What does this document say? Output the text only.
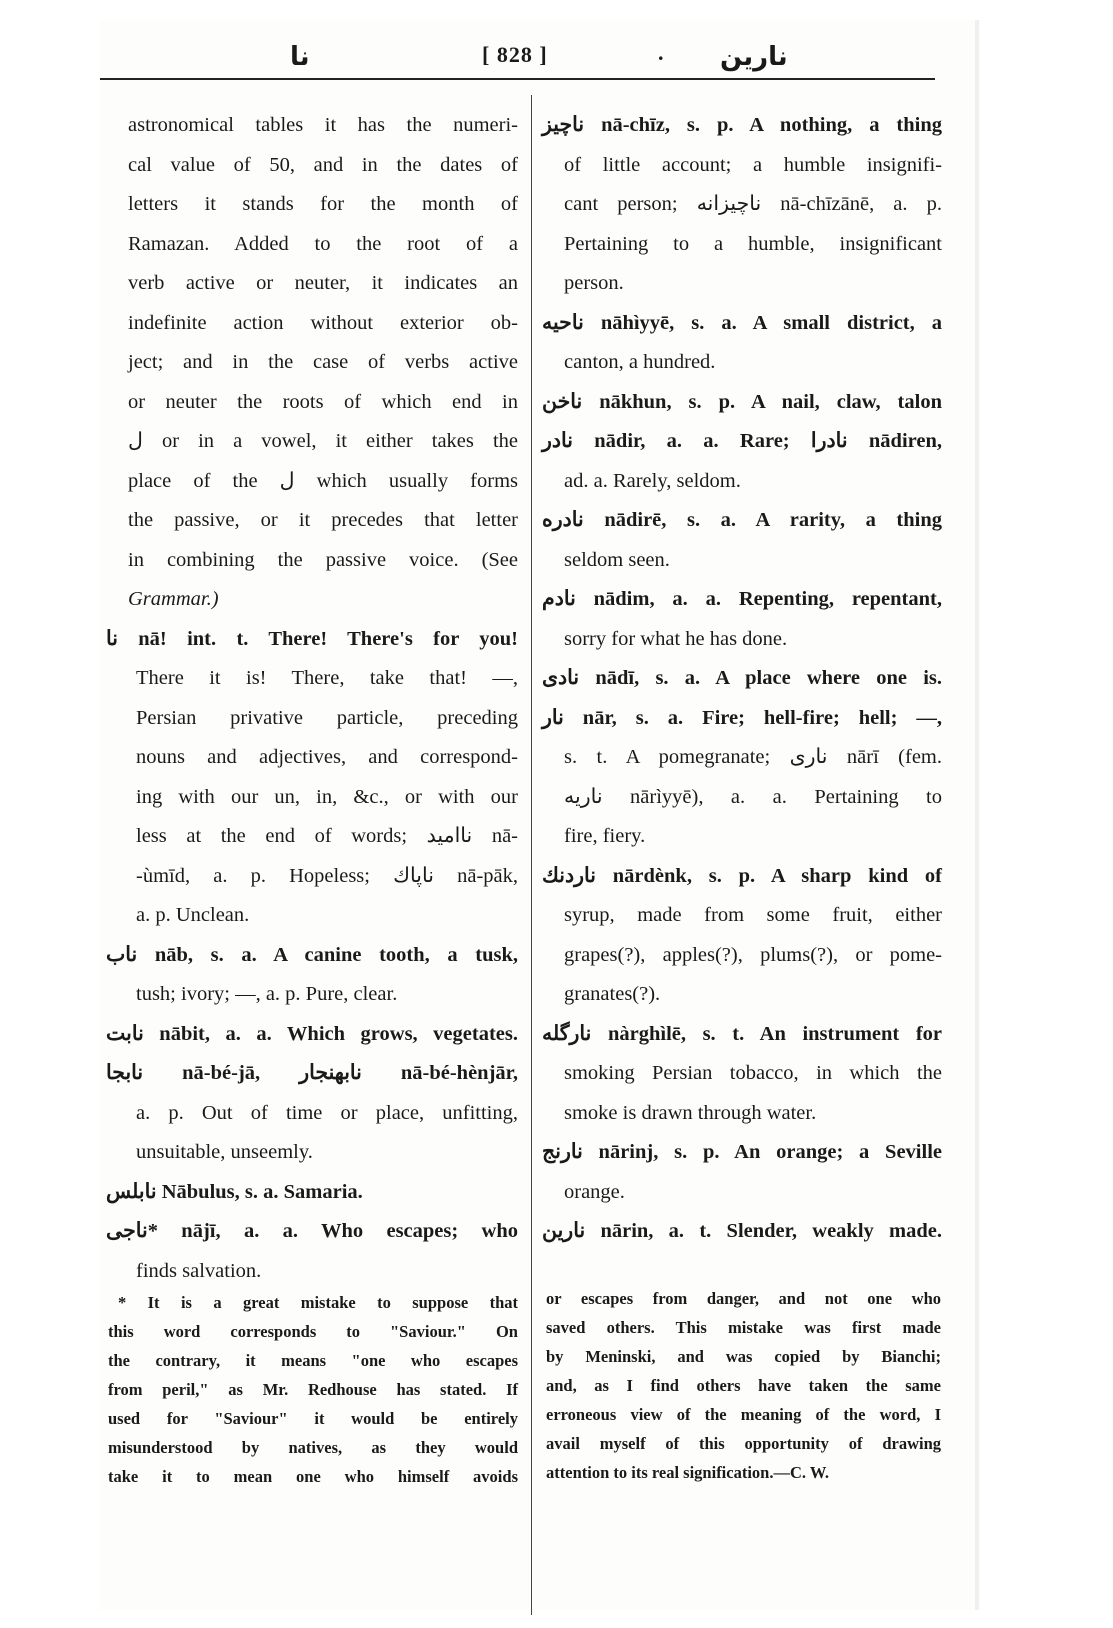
نا	[ 828 ]	. نارين
astronomical tables it has the numeri-
cal value of 50, and in the dates of
letters it stands for the month of
Ramazan. Added to the root of a
verb active or neuter, it indicates an
indefinite action without exterior ob-
ject; and in the case of verbs active
or neuter the roots of which end in
ل or in a vowel, it either takes the
place of the ل which usually forms
the passive, or it precedes that letter
in combining the passive voice. (See
Grammar.)
نا nā! int. t. There! There's for you!
There it is! There, take that! —,
Persian privative particle, preceding
nouns and adjectives, and correspond-
ing with our un, in, &c., or with our
less at the end of words; ناامید nā-
-ùmīd, a. p. Hopeless; ناپاك nā-pāk,
a. p. Unclean.
ناب nāb, s. a. A canine tooth, a tusk,
tush; ivory; —, a. p. Pure, clear.
نابت nābit, a. a. Which grows, vegetates.
نابجا nā-bé-jā, نابهنجار nā-bé-hènjār,
a. p. Out of time or place, unfitting,
unsuitable, unseemly.
نابلس Nābulus, s. a. Samaria.
ناجی* nājī, a. a. Who escapes; who
finds salvation.
ناچیز nā-chīz, s. p. A nothing, a thing
of little account; a humble insignifi-
cant person; ناچیزانه nā-chīzānē, a. p.
Pertaining to a humble, insignificant
person.
ناحیه nāhìyyē, s. a. A small district, a
canton, a hundred.
ناخن nākhun, s. p. A nail, claw, talon
نادر nādir, a. a. Rare; نادرا nādiren,
ad. a. Rarely, seldom.
نادره nādirē, s. a. A rarity, a thing
seldom seen.
نادم nādim, a. a. Repenting, repentant,
sorry for what he has done.
نادی nādī, s. a. A place where one is.
نار nār, s. a. Fire; hell-fire; hell; —,
s. t. A pomegranate; ناری nārī (fem.
ناریه nārìyyē), a. a. Pertaining to
fire, fiery.
ناردنك nārdènk, s. p. A sharp kind of
syrup, made from some fruit, either
grapes(?), apples(?), plums(?), or pome-
granates(?).
نارگله nàrghìlē, s. t. An instrument for
smoking Persian tobacco, in which the
smoke is drawn through water.
نارنج nārinj, s. p. An orange; a Seville
orange.
نارين nārin, a. t. Slender, weakly made.
* It is a great mistake to suppose that
this word corresponds to "Saviour." On
the contrary, it means "one who escapes
from peril," as Mr. Redhouse has stated. If
used for "Saviour" it would be entirely
misunderstood by natives, as they would
take it to mean one who himself avoids
or escapes from danger, and not one who
saved others. This mistake was first made
by Meninski, and was copied by Bianchi;
and, as I find others have taken the same
erroneous view of the meaning of the word, I
avail myself of this opportunity of drawing
attention to its real signification.—C. W.
